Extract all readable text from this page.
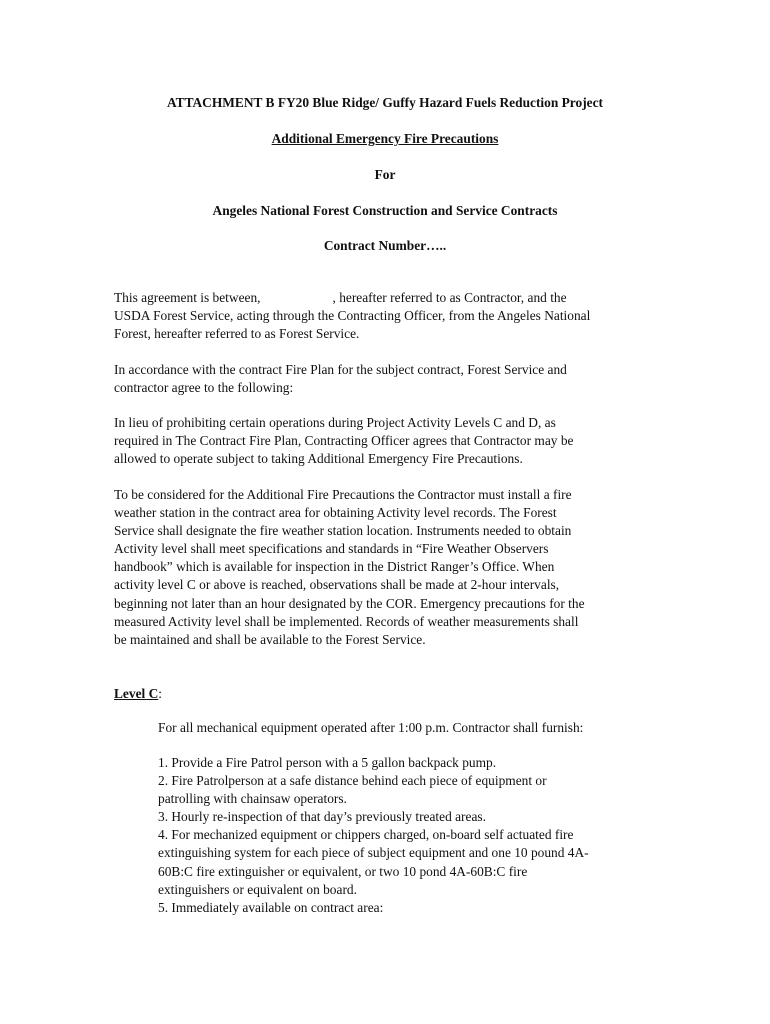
ATTACHMENT B FY20 Blue Ridge/ Guffy Hazard Fuels Reduction Project
Additional Emergency Fire Precautions
For
Angeles National Forest Construction and Service Contracts
Contract Number…..
This agreement is between,	, hereafter referred to as Contractor, and the
USDA Forest Service, acting through the Contracting Officer, from the Angeles National
Forest, hereafter referred to as Forest Service.
In accordance with the contract Fire Plan for the subject contract, Forest Service and
contractor agree to the following:
In lieu of prohibiting certain operations during Project Activity Levels C and D, as
required in The Contract Fire Plan, Contracting Officer agrees that Contractor may be
allowed to operate subject to taking Additional Emergency Fire Precautions.
To be considered for the Additional Fire Precautions the Contractor must install a fire
weather station in the contract area for obtaining Activity level records. The Forest
Service shall designate the fire weather station location. Instruments needed to obtain
Activity level shall meet specifications and standards in “Fire Weather Observers
handbook” which is available for inspection in the District Ranger’s Office. When
activity level C or above is reached, observations shall be made at 2-hour intervals,
beginning not later than an hour designated by the COR. Emergency precautions for the
measured Activity level shall be implemented. Records of weather measurements shall
be maintained and shall be available to the Forest Service.
Level C:
For all mechanical equipment operated after 1:00 p.m. Contractor shall furnish:
1. Provide a Fire Patrol person with a 5 gallon backpack pump.
2. Fire Patrolperson at a safe distance behind each piece of equipment or
patrolling with chainsaw operators.
3. Hourly re-inspection of that day’s previously treated areas.
4. For mechanized equipment or chippers charged, on-board self actuated fire
extinguishing system for each piece of subject equipment and one 10 pound 4A-
60B:C fire extinguisher or equivalent, or two 10 pond 4A-60B:C fire
extinguishers or equivalent on board.
5. Immediately available on contract area:
